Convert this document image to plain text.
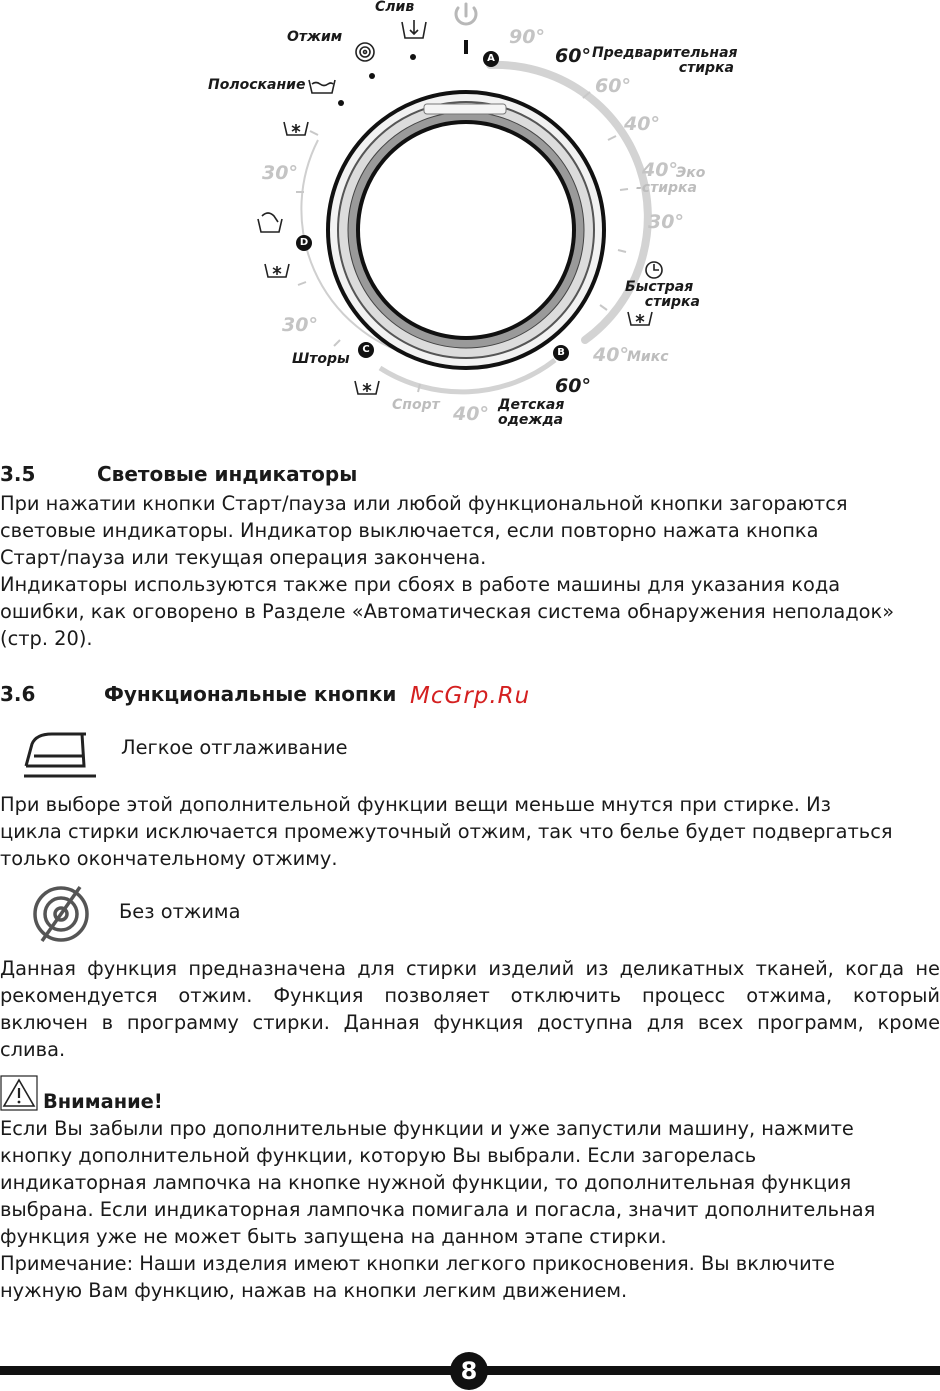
A
B
C
D
Слив
Отжим
Полоскание
Предварительная
стирка
Эко
-стирка
Быстрая
стирка
Микс
Детская
одежда
Спорт
Шторы
90°
60°
60°
40°
40°
30°
40°
60°
40°
30°
30°
3.5	Световые индикаторы
При нажатии кнопки Старт/пауза или любой функциональной кнопки загораются
световые индикаторы. Индикатор выключается, если повторно нажата кнопка
Старт/пауза или текущая операция закончена.
Индикаторы используются также при сбоях в работе машины для указания кода
ошибки, как оговорено в Разделе «Автоматическая система обнаружения неполадок»
(стр. 20).
3.6	Функциональные кнопки McGrp.Ru
Легкое отглаживание
При выборе этой дополнительной функции вещи меньше мнутся при стирке. Из
цикла стирки исключается промежуточный отжим, так что белье будет подвергаться
только окончательному отжиму.
Без отжима
Данная функция предназначена для стирки изделий из деликатных тканей, когда не
рекомендуется отжим. Функция позволяет отключить процесс отжима, который
включен в программу стирки. Данная функция доступна для всех программ, кроме
слива.
Внимание!
Если Вы забыли про дополнительные функции и уже запустили машину, нажмите
кнопку дополнительной функции, которую Вы выбрали. Если загорелась
индикаторная лампочка на кнопке нужной функции, то дополнительная функция
выбрана. Если индикаторная лампочка помигала и погасла, значит дополнительная
функция уже не может быть запущена на данном этапе стирки.
Примечание: Наши изделия имеют кнопки легкого прикосновения. Вы включите
нужную Вам функцию, нажав на кнопки легким движением.
8
